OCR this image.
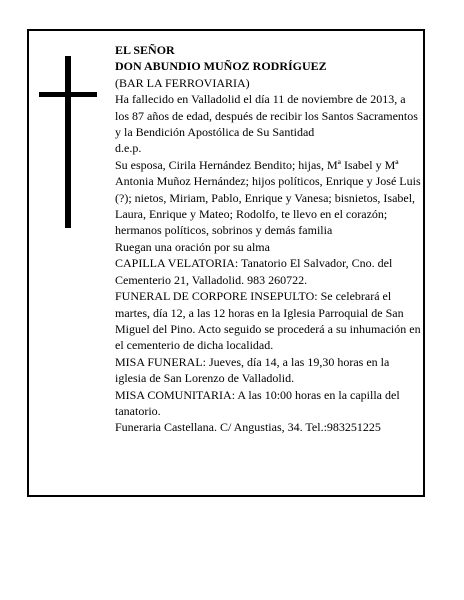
EL SEÑOR
DON ABUNDIO MUÑOZ RODRÍGUEZ
(BAR LA FERROVIARIA)
Ha fallecido en Valladolid el día 11 de noviembre de 2013, a los 87 años de edad, después de recibir los Santos Sacramentos y la Bendición Apostólica de Su Santidad
d.e.p.
Su esposa, Cirila Hernández Bendito; hijas, Mª Isabel y Mª Antonia Muñoz Hernández; hijos políticos, Enrique y José Luis (?); nietos, Miriam, Pablo, Enrique y Vanesa; bisnietos, Isabel, Laura, Enrique y Mateo; Rodolfo, te llevo en el corazón; hermanos políticos, sobrinos y demás familia
Ruegan una oración por su alma
CAPILLA VELATORIA: Tanatorio El Salvador, Cno. del Cementerio 21, Valladolid. 983 260722.
FUNERAL DE CORPORE INSEPULTO: Se celebrará el martes, día 12, a las 12 horas en la Iglesia Parroquial de San Miguel del Pino. Acto seguido se procederá a su inhumación en el cementerio de dicha localidad.
MISA FUNERAL: Jueves, día 14, a las 19,30 horas en la iglesia de San Lorenzo de Valladolid.
MISA COMUNITARIA: A las 10:00 horas en la capilla del tanatorio.
Funeraria Castellana. C/ Angustias, 34. Tel.:983251225
